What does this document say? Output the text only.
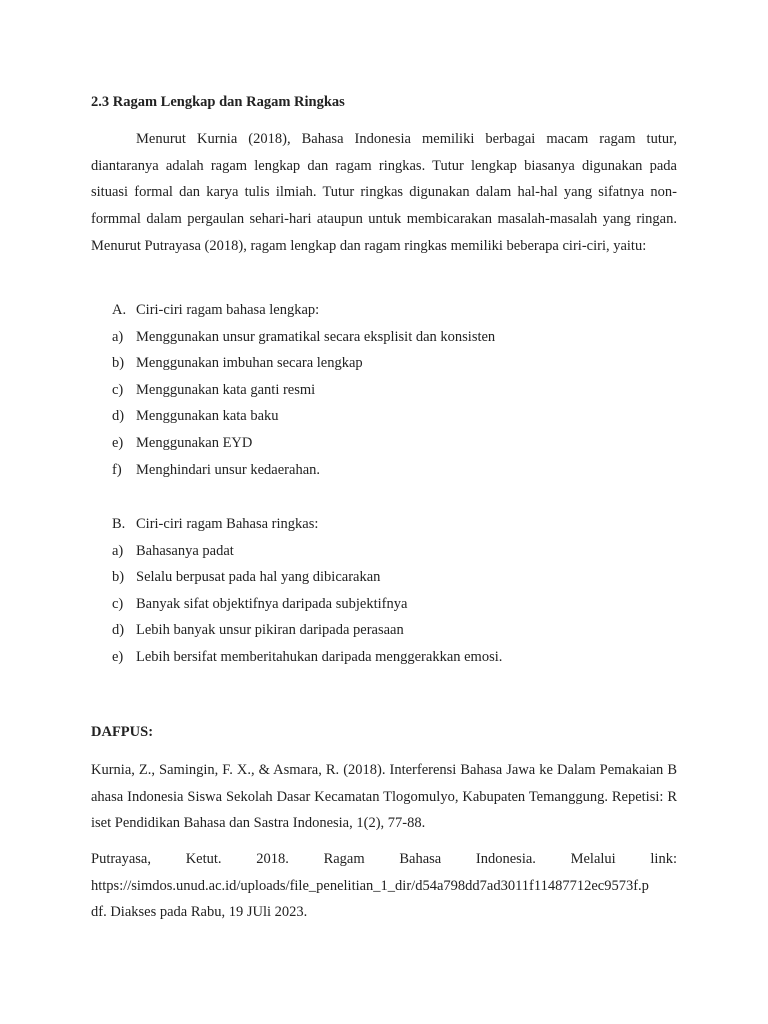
2.3 Ragam Lengkap dan Ragam Ringkas

Menurut Kurnia (2018), Bahasa Indonesia memiliki berbagai macam ragam tutur, diantaranya adalah ragam lengkap dan ragam ringkas. Tutur lengkap biasanya digunakan pada situasi formal dan karya tulis ilmiah. Tutur ringkas digunakan dalam hal-hal yang sifatnya non-formmal dalam pergaulan sehari-hari ataupun untuk membicarakan masalah-masalah yang ringan. Menurut Putrayasa (2018), ragam lengkap dan ragam ringkas memiliki beberapa ciri-ciri, yaitu:

A. Ciri-ciri ragam bahasa lengkap:
a) Menggunakan unsur gramatikal secara eksplisit dan konsisten
b) Menggunakan imbuhan secara lengkap
c) Menggunakan kata ganti resmi
d) Menggunakan kata baku
e) Menggunakan EYD
f) Menghindari unsur kedaerahan.
B. Ciri-ciri ragam Bahasa ringkas:
a) Bahasanya padat
b) Selalu berpusat pada hal yang dibicarakan
c) Banyak sifat objektifnya daripada subjektifnya
d) Lebih banyak unsur pikiran daripada perasaan
e) Lebih bersifat memberitahukan daripada menggerakkan emosi.
DAFPUS:

Kurnia, Z., Samingin, F. X., & Asmara, R. (2018). Interferensi Bahasa Jawa ke Dalam Pemakaian Bahasa Indonesia Siswa Sekolah Dasar Kecamatan Tlogomulyo, Kabupaten Temanggung. Repetisi: Riset Pendidikan Bahasa dan Sastra Indonesia, 1(2), 77-88.

Putrayasa, Ketut. 2018. Ragam Bahasa Indonesia. Melalui link:
https://simdos.unud.ac.id/uploads/file_penelitian_1_dir/d54a798dd7ad3011f11487712ec9573f.p
df. Diakses pada Rabu, 19 JUli 2023.
